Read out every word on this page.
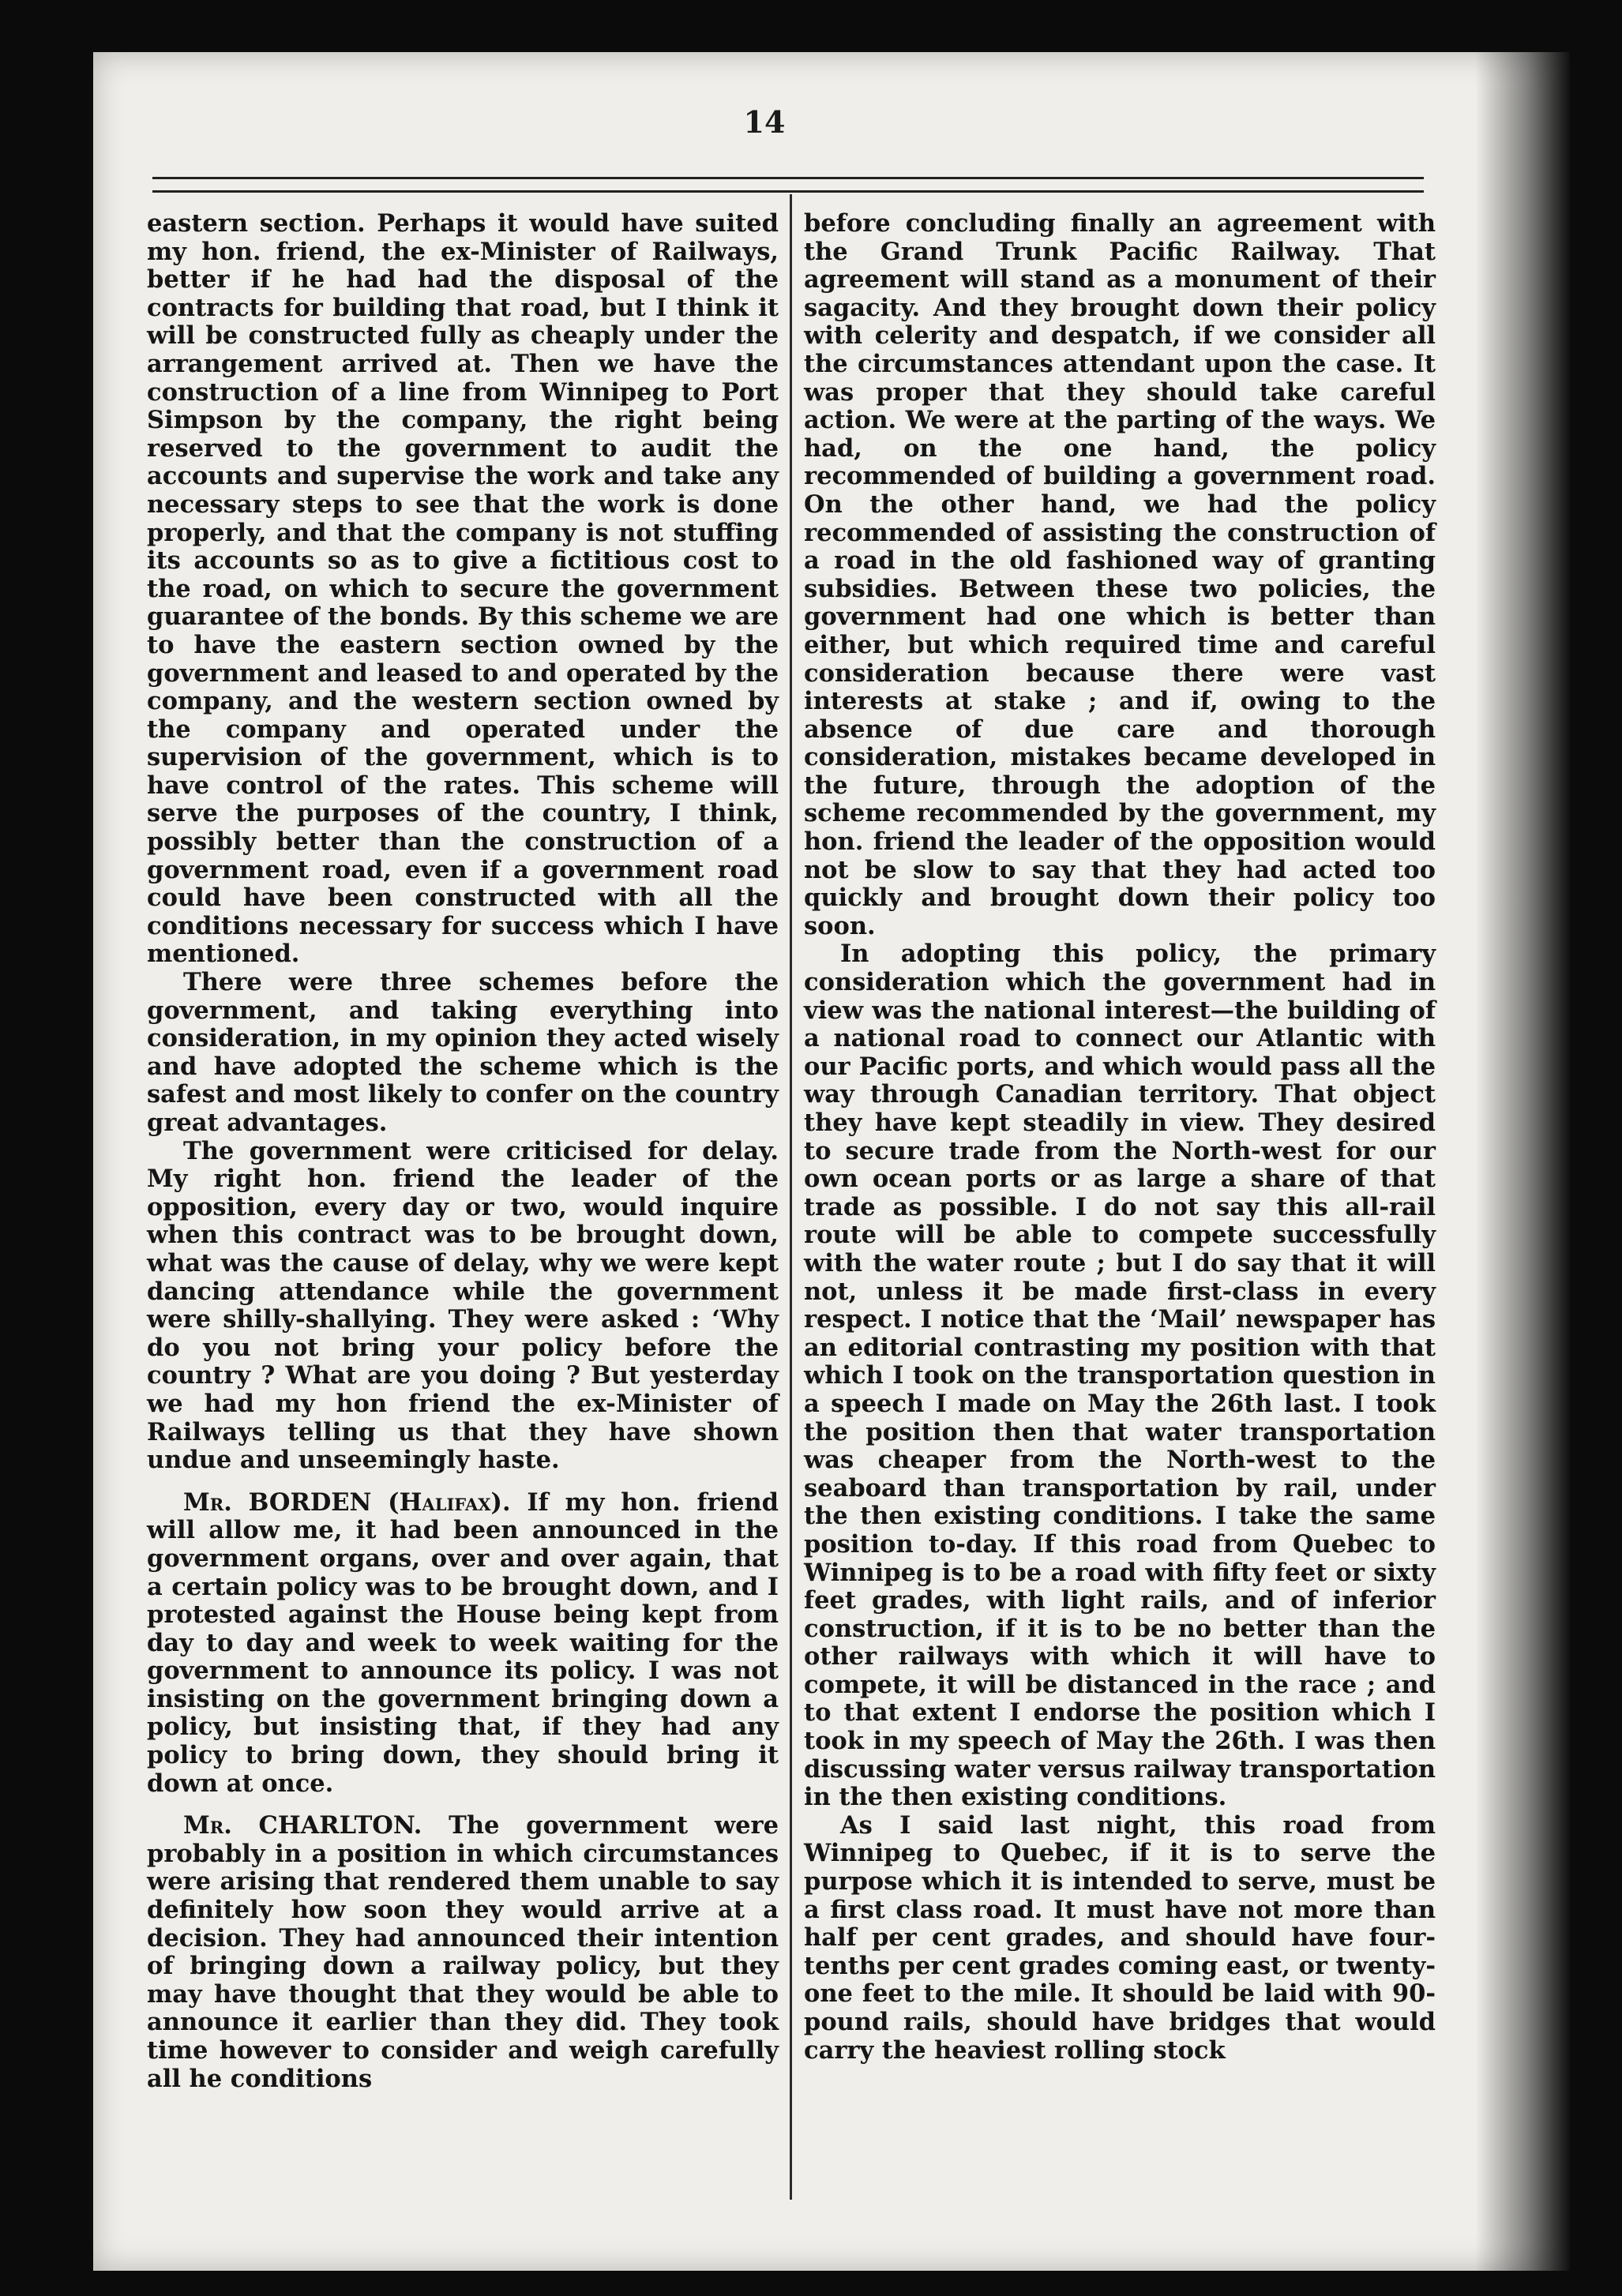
14

eastern section. Perhaps it would have suited my hon. friend, the ex-Minister of Railways, better if he had had the disposal of the contracts for building that road, but I think it will be constructed fully as cheaply under the arrangement arrived at. Then we have the construction of a line from Winnipeg to Port Simpson by the company, the right being reserved to the government to audit the accounts and supervise the work and take any necessary steps to see that the work is done properly, and that the company is not stuffing its accounts so as to give a fictitious cost to the road, on which to secure the government guarantee of the bonds. By this scheme we are to have the eastern section owned by the government and leased to and operated by the company, and the western section owned by the company and operated under the supervision of the government, which is to have control of the rates. This scheme will serve the purposes of the country, I think, possibly better than the construction of a government road, even if a government road could have been constructed with all the conditions necessary for success which I have mentioned.

There were three schemes before the government, and taking everything into consideration, in my opinion they acted wisely and have adopted the scheme which is the safest and most likely to confer on the country great advantages.

The government were criticised for delay. My right hon. friend the leader of the opposition, every day or two, would inquire when this contract was to be brought down, what was the cause of delay, why we were kept dancing attendance while the government were shilly-shallying. They were asked : ‘Why do you not bring your policy before the country ? What are you doing ? But yesterday we had my hon friend the ex-Minister of Railways telling us that they have shown undue and unseemingly haste.

Mr. BORDEN (Halifax). If my hon. friend will allow me, it had been announced in the government organs, over and over again, that a certain policy was to be brought down, and I protested against the House being kept from day to day and week to week waiting for the government to announce its policy. I was not insisting on the government bringing down a policy, but insisting that, if they had any policy to bring down, they should bring it down at once.

Mr. CHARLTON. The government were probably in a position in which circumstances were arising that rendered them unable to say definitely how soon they would arrive at a decision. They had announced their intention of bringing down a railway policy, but they may have thought that they would be able to announce it earlier than they did. They took time however to consider and weigh carefully all he conditions

before concluding finally an agreement with the Grand Trunk Pacific Railway. That agreement will stand as a monument of their sagacity. And they brought down their policy with celerity and despatch, if we consider all the circumstances attendant upon the case. It was proper that they should take careful action. We were at the parting of the ways. We had, on the one hand, the policy recommended of building a government road. On the other hand, we had the policy recommended of assisting the construction of a road in the old fashioned way of granting subsidies. Between these two policies, the government had one which is better than either, but which required time and careful consideration because there were vast interests at stake ; and if, owing to the absence of due care and thorough consideration, mistakes became developed in the future, through the adoption of the scheme recommended by the government, my hon. friend the leader of the opposition would not be slow to say that they had acted too quickly and brought down their policy too soon.

In adopting this policy, the primary consideration which the government had in view was the national interest—the building of a national road to connect our Atlantic with our Pacific ports, and which would pass all the way through Canadian territory. That object they have kept steadily in view. They desired to secure trade from the North-west for our own ocean ports or as large a share of that trade as possible. I do not say this all-rail route will be able to compete successfully with the water route ; but I do say that it will not, unless it be made first-class in every respect. I notice that the ‘Mail’ newspaper has an editorial contrasting my position with that which I took on the transportation question in a speech I made on May the 26th last. I took the position then that water transportation was cheaper from the North-west to the seaboard than transportation by rail, under the then existing conditions. I take the same position to-day. If this road from Quebec to Winnipeg is to be a road with fifty feet or sixty feet grades, with light rails, and of inferior construction, if it is to be no better than the other railways with which it will have to compete, it will be distanced in the race ; and to that extent I endorse the position which I took in my speech of May the 26th. I was then discussing water versus railway transportation in the then existing conditions.

As I said last night, this road from Winnipeg to Quebec, if it is to serve the purpose which it is intended to serve, must be a first class road. It must have not more than half per cent grades, and should have four-tenths per cent grades coming east, or twenty-one feet to the mile. It should be laid with 90-pound rails, should have bridges that would carry the heaviest rolling stock
